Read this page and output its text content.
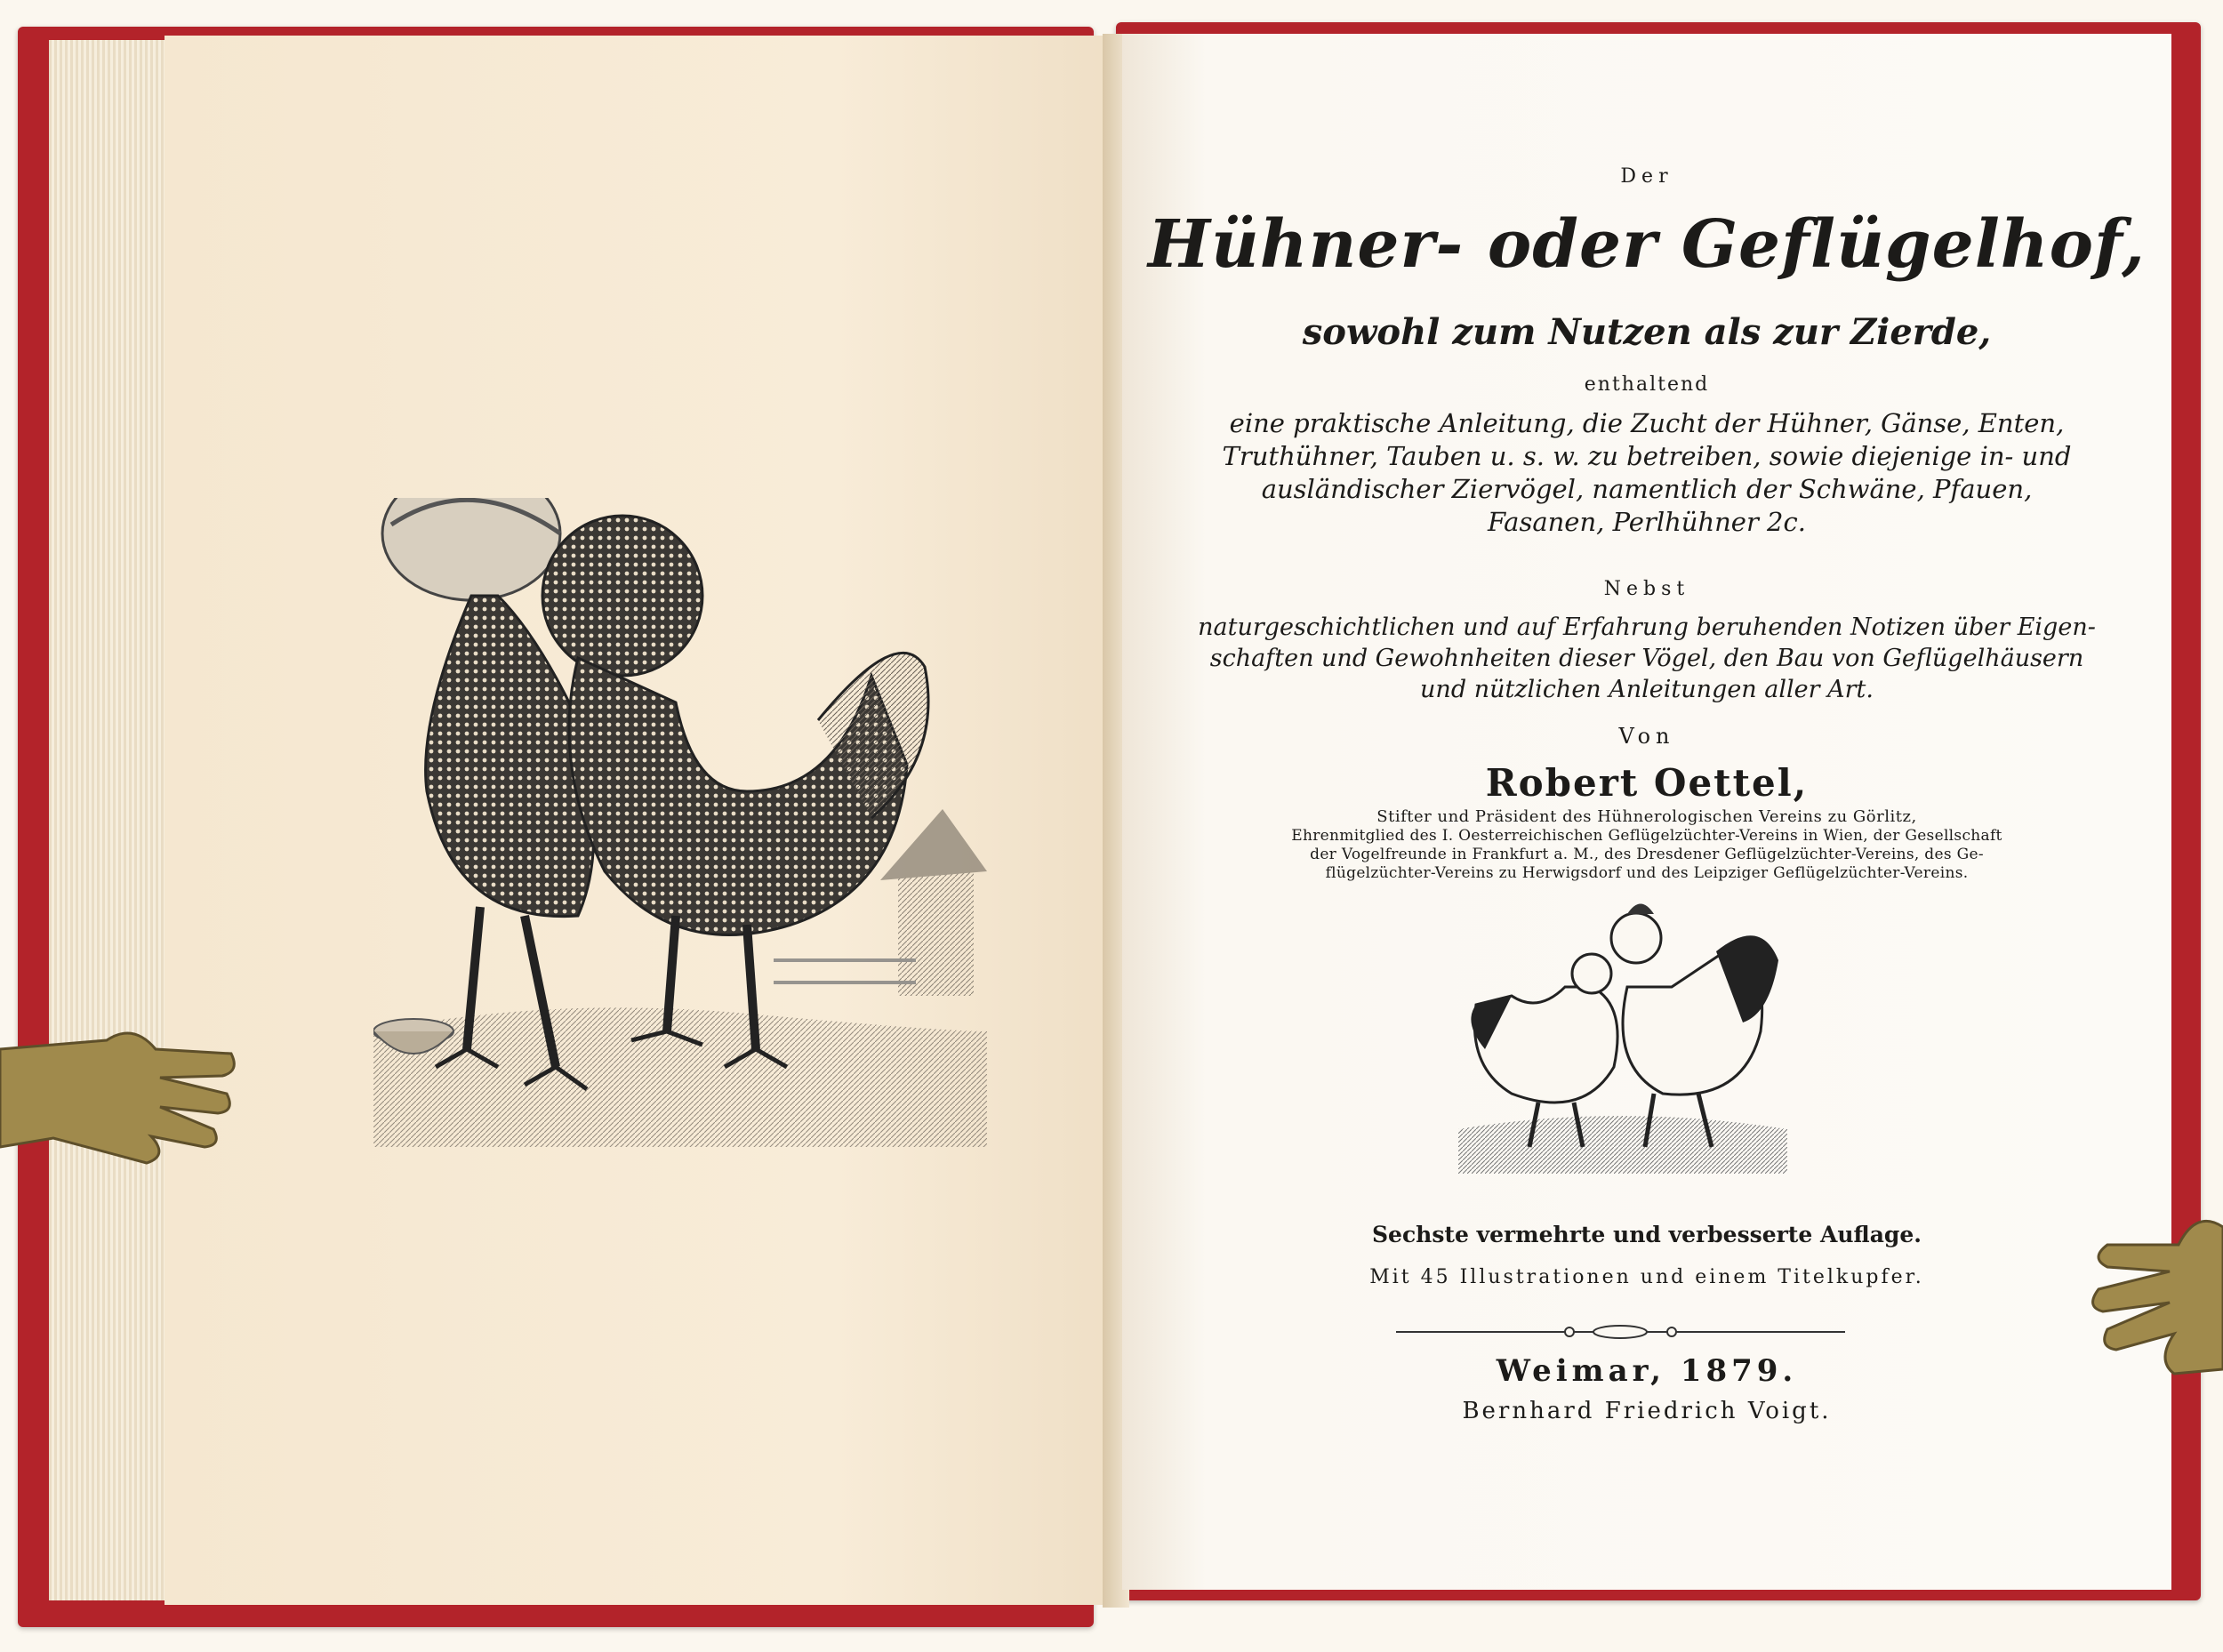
Der
Hühner- oder Geflügelhof,
sowohl zum Nutzen als zur Zierde,
enthaltend
eine praktische Anleitung, die Zucht der Hühner, Gänse, Enten,
Truthühner, Tauben u. s. w. zu betreiben, sowie diejenige in- und
ausländischer Ziervögel, namentlich der Schwäne, Pfauen,
Fasanen, Perlhühner 2c.
Nebst
naturgeschichtlichen und auf Erfahrung beruhenden Notizen über Eigen-
schaften und Gewohnheiten dieser Vögel, den Bau von Geflügelhäusern
und nützlichen Anleitungen aller Art.
Von
Robert Oettel,
Stifter und Präsident des Hühnerologischen Vereins zu Görlitz,
Ehrenmitglied des I. Oesterreichischen Geflügelzüchter-Vereins in Wien, der Gesellschaft
der Vogelfreunde in Frankfurt a. M., des Dresdener Geflügelzüchter-Vereins, des Ge-
flügelzüchter-Vereins zu Herwigsdorf und des Leipziger Geflügelzüchter-Vereins.
Sechste vermehrte und verbesserte Auflage.
Mit 45 Illustrationen und einem Titelkupfer.
Weimar, 1879.
Bernhard Friedrich Voigt.
